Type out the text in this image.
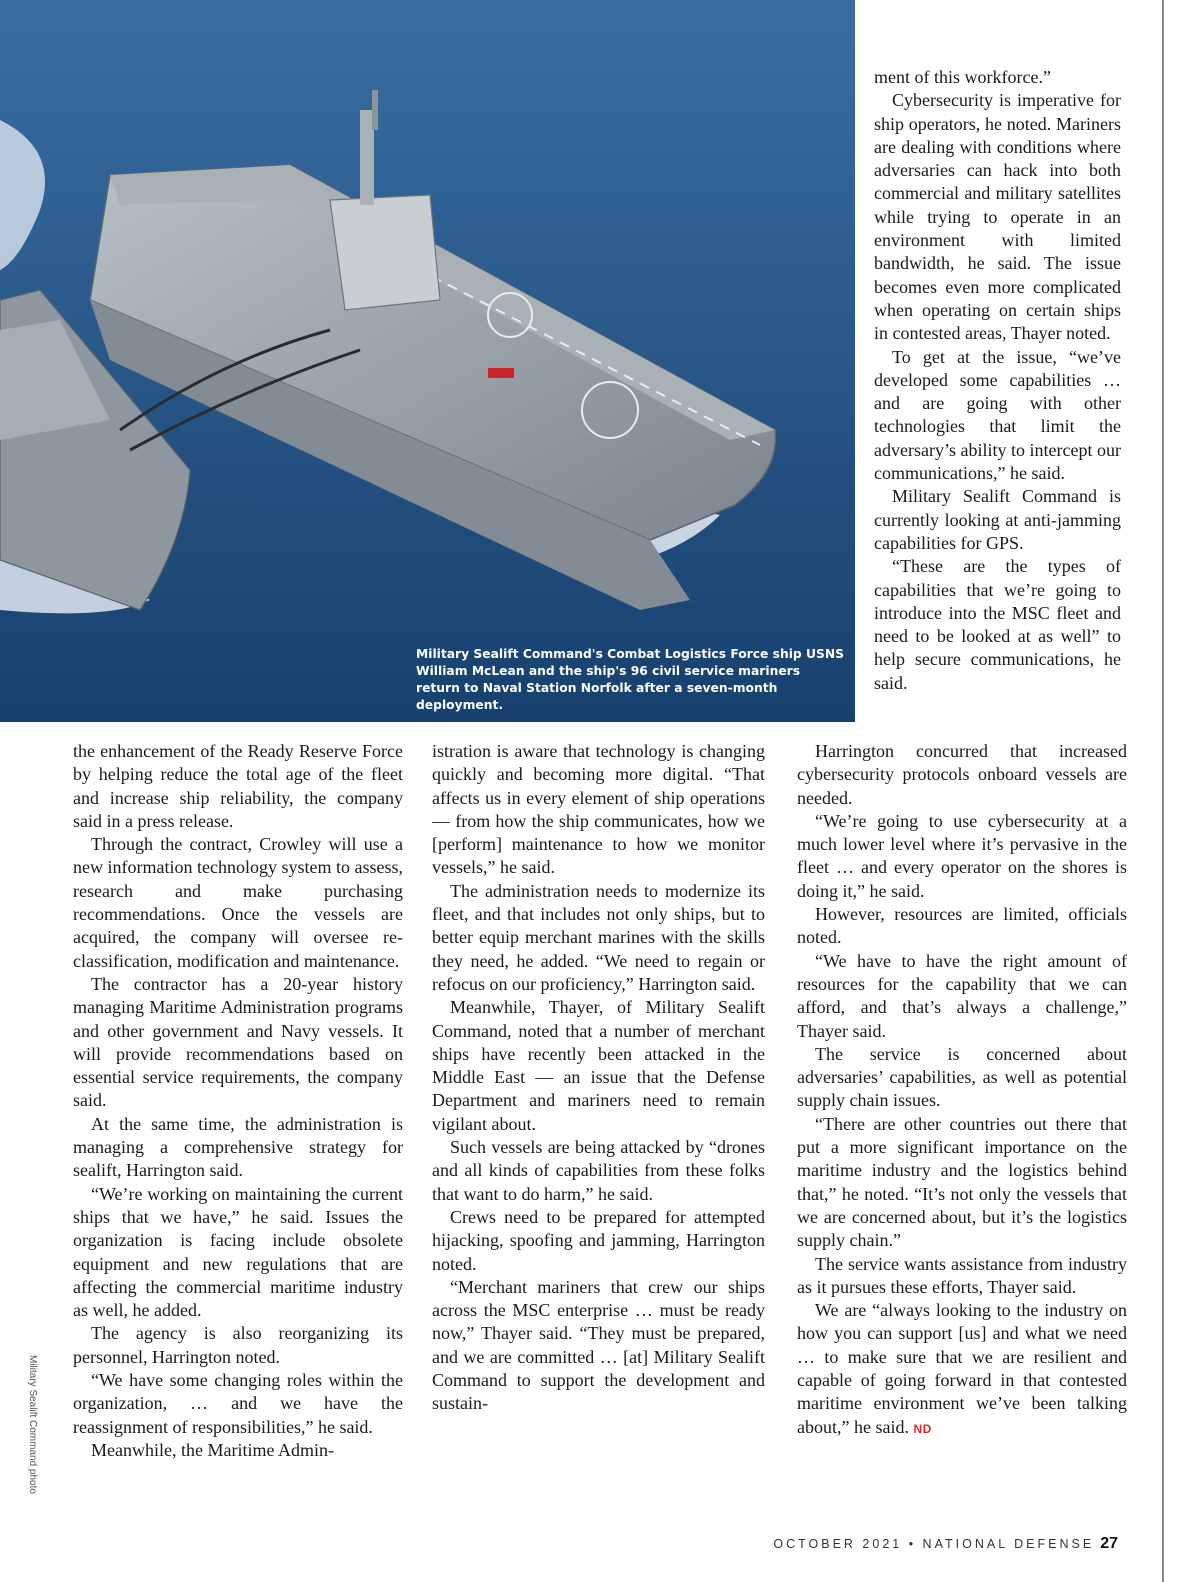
Military Sealift Command's Combat Logistics Force ship USNS William McLean and the ship's 96 civil service mariners return to Naval Station Norfolk after a seven-month deployment.

ment of this workforce.”

Cybersecurity is imperative for ship operators, he noted. Mariners are dealing with conditions where adversaries can hack into both commercial and military satellites while trying to operate in an environment with limited bandwidth, he said. The issue becomes even more complicated when operating on certain ships in contested areas, Thayer noted.

To get at the issue, “we’ve developed some capabilities … and are going with other technologies that limit the adversary’s ability to intercept our communications,” he said.

Military Sealift Command is currently looking at anti-jamming capabilities for GPS.

“These are the types of capabilities that we’re going to introduce into the MSC fleet and need to be looked at as well” to help secure communications, he said.

the enhancement of the Ready Reserve Force by helping reduce the total age of the fleet and increase ship reliability, the company said in a press release.

Through the contract, Crowley will use a new information technology system to assess, research and make purchasing recommendations. Once the vessels are acquired, the company will oversee re-classification, modification and maintenance.

The contractor has a 20-year history managing Maritime Administration programs and other government and Navy vessels. It will provide recommendations based on essential service requirements, the company said.

At the same time, the administration is managing a comprehensive strategy for sealift, Harrington said.

“We’re working on maintaining the current ships that we have,” he said. Issues the organization is facing include obsolete equipment and new regulations that are affecting the commercial maritime industry as well, he added.

The agency is also reorganizing its personnel, Harrington noted.

“We have some changing roles within the organization, … and we have the reassignment of responsibilities,” he said.

Meanwhile, the Maritime Admin-

istration is aware that technology is changing quickly and becoming more digital. “That affects us in every element of ship operations — from how the ship communicates, how we [perform] maintenance to how we monitor vessels,” he said.

The administration needs to modernize its fleet, and that includes not only ships, but to better equip merchant marines with the skills they need, he added. “We need to regain or refocus on our proficiency,” Harrington said.

Meanwhile, Thayer, of Military Sealift Command, noted that a number of merchant ships have recently been attacked in the Middle East — an issue that the Defense Department and mariners need to remain vigilant about.

Such vessels are being attacked by “drones and all kinds of capabilities from these folks that want to do harm,” he said.

Crews need to be prepared for attempted hijacking, spoofing and jamming, Harrington noted.

“Merchant mariners that crew our ships across the MSC enterprise … must be ready now,” Thayer said. “They must be prepared, and we are committed … [at] Military Sealift Command to support the development and sustain-

Harrington concurred that increased cybersecurity protocols onboard vessels are needed.

“We’re going to use cybersecurity at a much lower level where it’s pervasive in the fleet … and every operator on the shores is doing it,” he said.

However, resources are limited, officials noted.

“We have to have the right amount of resources for the capability that we can afford, and that’s always a challenge,” Thayer said.

The service is concerned about adversaries’ capabilities, as well as potential supply chain issues.

“There are other countries out there that put a more significant importance on the maritime industry and the logistics behind that,” he noted. “It’s not only the vessels that we are concerned about, but it’s the logistics supply chain.”

The service wants assistance from industry as it pursues these efforts, Thayer said.

We are “always looking to the industry on how you can support [us] and what we need … to make sure that we are resilient and capable of going forward in that contested maritime environment we’ve been talking about,” he said. ND

Military Sealift Command photo
OCTOBER 2021 • NATIONAL DEFENSE 27
